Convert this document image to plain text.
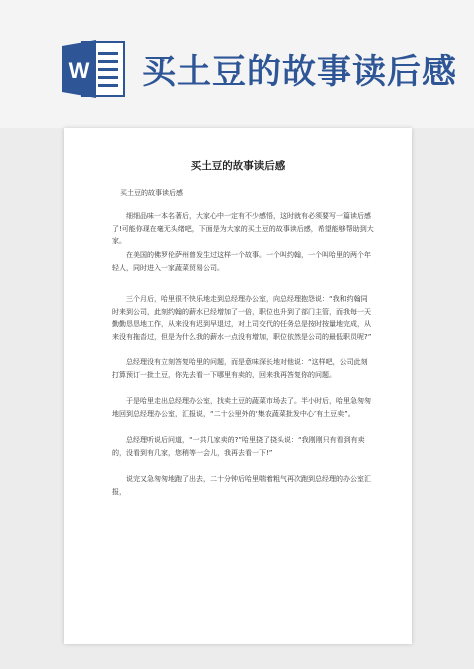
W 买土豆的故事读后感
买土豆的故事读后感
买土豆的故事读后感

细细品味一本名著后，大家心中一定有不少感悟，这时就有必须要写一篇读后感了!可能你现在毫无头绪吧，下面是为大家的买土豆的故事读后感，希望能够帮助到大家。

在美国的佛罗伦萨州曾发生过这样一个故事。一个叫约翰，一个叫哈里的两个年轻人，同时进入一家蔬菜贸易公司。

三个月后，哈里很不快乐地走到总经理办公室，向总经理抱怨说：“我和约翰同时来到公司，此刻约翰的薪水已经增加了一倍，职位也升到了部门主管，而我每一天勤勤恳恳地工作，从来没有迟到早退过，对上司交代的任务总是按时按量地完成，从来没有拖沓过，但是为什么我的薪水一点没有增加，职位依然是公司的最低职员呢?”

总经理没有立刻答复哈里的问题，而是意味深长地对他说：“这样吧，公司此刻打算预订一批土豆，你先去看一下哪里有卖的，回来我再答复你的问题。

于是哈里走出总经理办公室，找卖土豆的蔬菜市场去了。半小时后，哈里急匆匆地回到总经理办公室，汇报说，“二十公里外的‘集农蔬菜批发中心’有土豆卖”。

总经理听说后问道，“一共几家卖的?”哈里挠了挠头说：“我刚刚只有看到有卖的，没看到有几家，您稍等一会儿，我再去看一下!”

说完又急匆匆地跑了出去，二十分钟后哈里喘着粗气再次跑到总经理的办公室汇报，
